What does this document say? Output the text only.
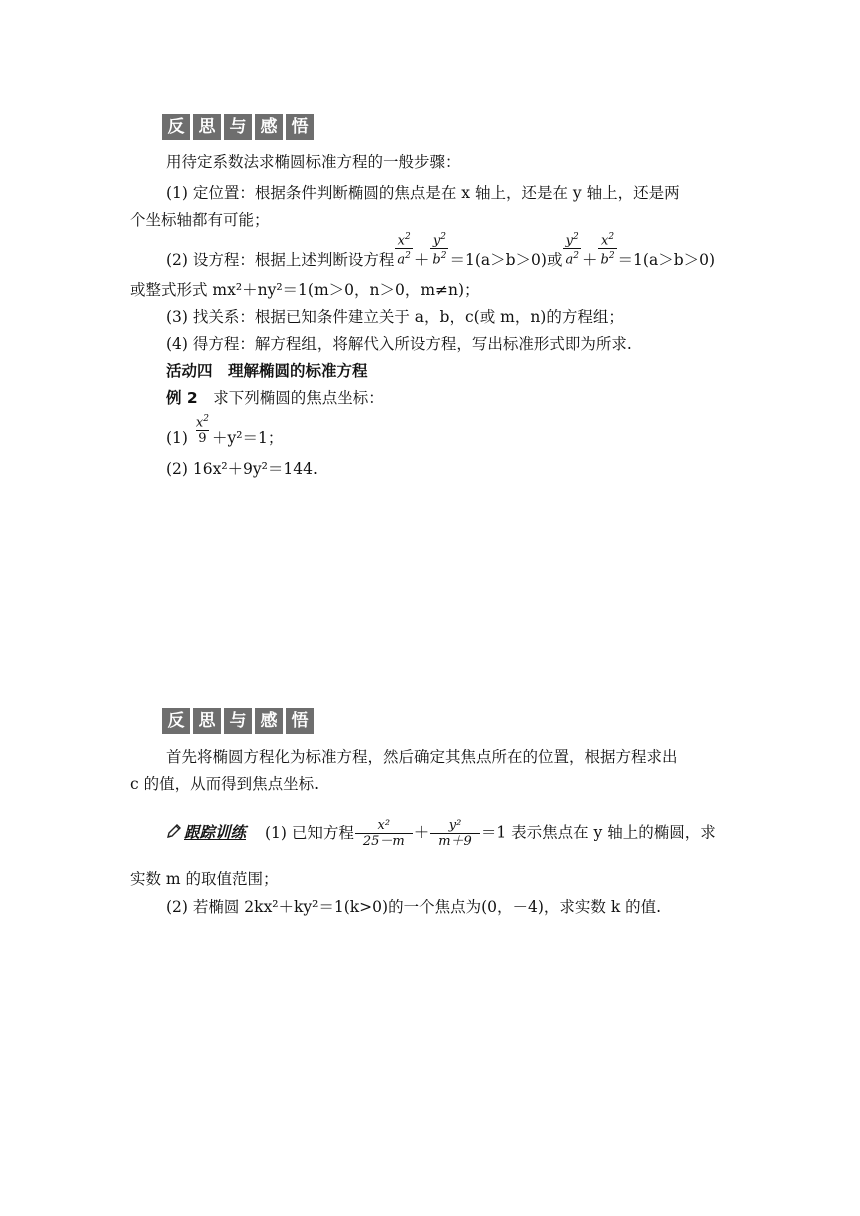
反 思 与 感 悟
用待定系数法求椭圆标准方程的一般步骤：
(1) 定位置：根据条件判断椭圆的焦点是在 x 轴上，还是在 y 轴上，还是两
个坐标轴都有可能；
(2) 设方程：根据上述判断设方程 $\frac{x^2}{a^2} + \frac{y^2}{b^2} =1(a>b>0)$或 $\frac{y^2}{a^2} + \frac{x^2}{b^2} =1(a>b>0)$
或整式形式 mx²＋ny²＝1(m＞0，n＞0，m≠n)；
(3) 找关系：根据已知条件建立关于 a，b，c(或 m，n)的方程组；
(4) 得方程：解方程组，将解代入所设方程，写出标准形式即为所求.
活动四　理解椭圆的标准方程
例 2　求下列椭圆的焦点坐标：
$(1) \frac{x^2}{9} +y^2=1$；
(2) 16x²＋9y²＝144.
反 思 与 感 悟
首先将椭圆方程化为标准方程，然后确定其焦点所在的位置，根据方程求出
c 的值，从而得到焦点坐标.
跟踪训练 (1) 已知方程 $\frac{\text{x²}}{25-m} + \frac{\text{y²}}{m+9} =1$ 表示焦点在 y 轴上的椭圆，求
实数 m 的取值范围；
(2) 若椭圆 2kx²＋ky²＝1(k>0)的一个焦点为(0，－4)，求实数 k 的值.
